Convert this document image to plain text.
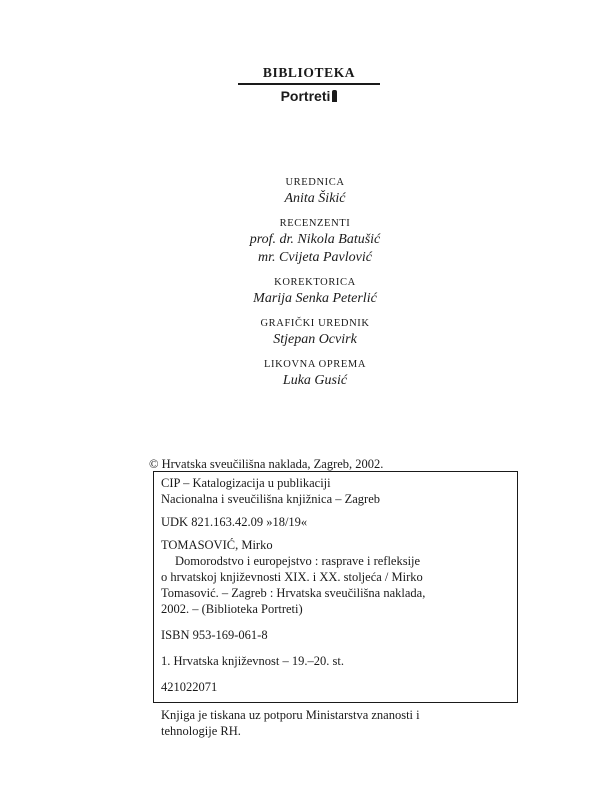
BIBLIOTEKA
Portreti
UREDNICA
Anita Šikić
RECENZENTI
prof. dr. Nikola Batušić
mr. Cvijeta Pavlović
KOREKTORICA
Marija Senka Peterlić
GRAFIČKI UREDNIK
Stjepan Ocvirk
LIKOVNA OPREMA
Luka Gusić
© Hrvatska sveučilišna naklada, Zagreb, 2002.

CIP – Katalogizacija u publikaciji

Nacionalna i sveučilišna knjižnica – Zagreb

UDK 821.163.42.09 »18/19«

TOMASOVIĆ, Mirko

Domorodstvo i europejstvo : rasprave i refleksije

o hrvatskoj književnosti XIX. i XX. stoljeća / Mirko

Tomasović. – Zagreb : Hrvatska sveučilišna naklada,

2002. – (Biblioteka Portreti)

ISBN 953-169-061-8

1. Hrvatska književnost – 19.–20. st.

421022071

Knjiga je tiskana uz potporu Ministarstva znanosti i
tehnologije RH.
